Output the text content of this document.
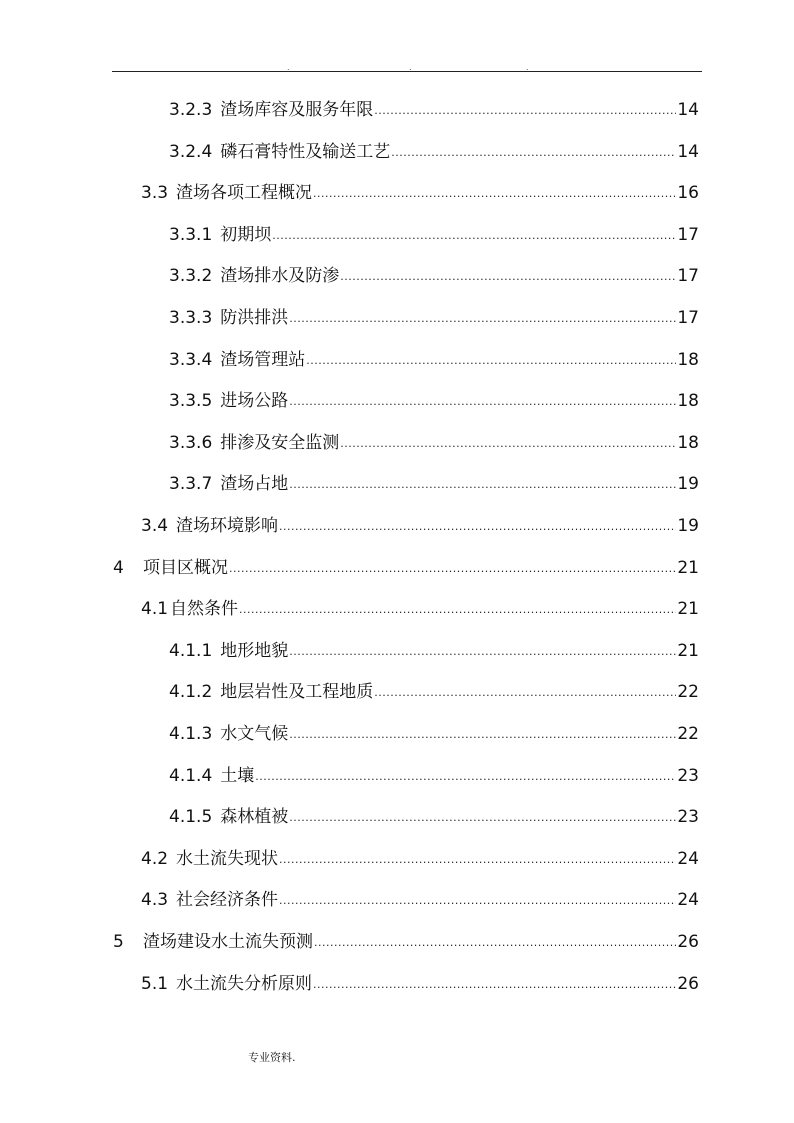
.	.	.
3.2.3 渣场库容及服务年限 .....	14
3.2.4 磷石膏特性及输送工艺 .....	14
3.3 渣场各项工程概况 .....	16
3.3.1 初期坝 .....	17
3.3.2 渣场排水及防渗 .....	17
3.3.3 防洪排洪 .....	17
3.3.4 渣场管理站 .....	18
3.3.5 进场公路 .....	18
3.3.6 排渗及安全监测 .....	18
3.3.7 渣场占地 .....	19
3.4 渣场环境影响 .....	19
4	项目区概况 .....	21
4.1 自然条件 .....	21
4.1.1 地形地貌 .....	21
4.1.2 地层岩性及工程地质 .....	22
4.1.3 水文气候 .....	22
4.1.4 土壤 .....	23
4.1.5 森林植被 .....	23
4.2 水土流失现状 .....	24
4.3 社会经济条件 .....	24
5	渣场建设水土流失预测 .....	26
5.1 水土流失分析原则 .....	26
专业资料.
